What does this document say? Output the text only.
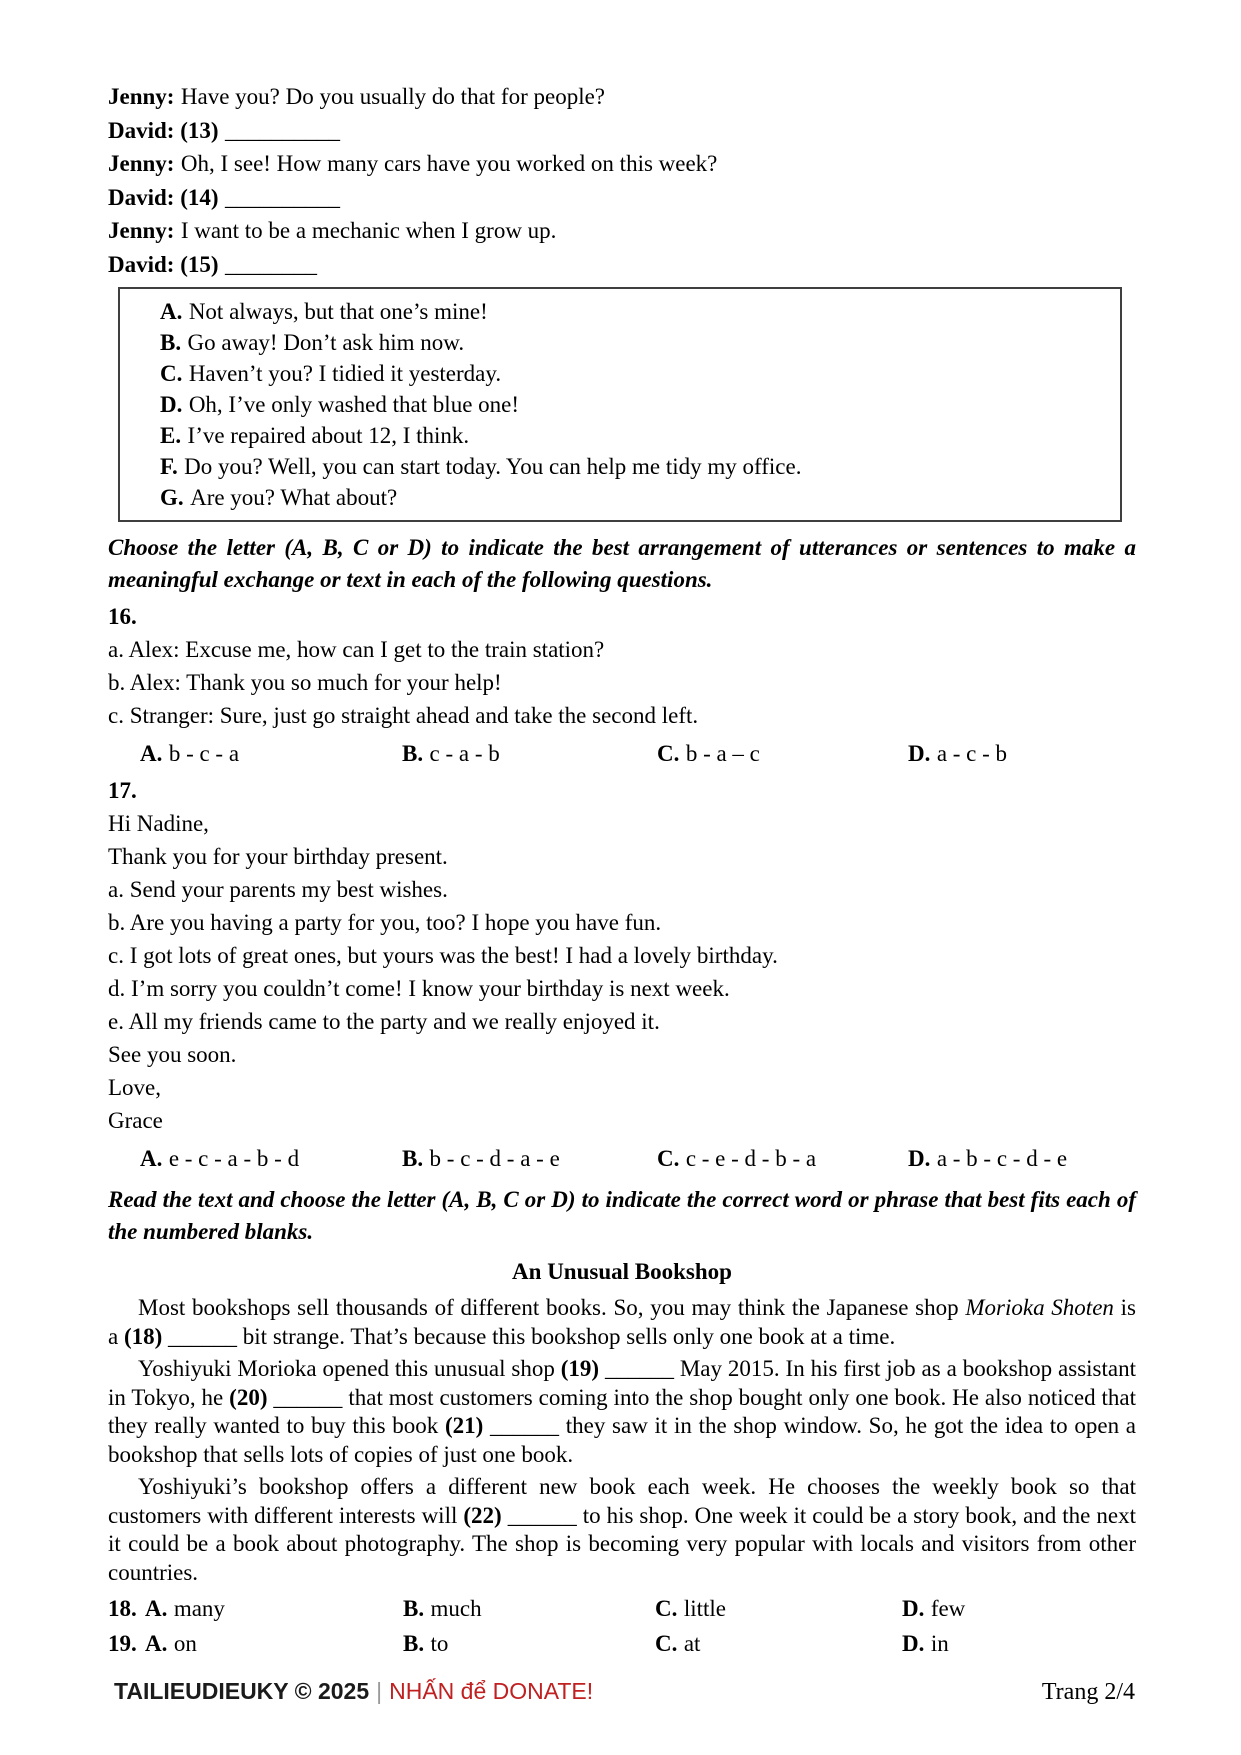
Jenny: Have you? Do you usually do that for people?

David: (13) __________

Jenny: Oh, I see! How many cars have you worked on this week?

David: (14) __________

Jenny: I want to be a mechanic when I grow up.

David: (15) ________

A. Not always, but that one’s mine!

B. Go away! Don’t ask him now.

C. Haven’t you? I tidied it yesterday.

D. Oh, I’ve only washed that blue one!

E. I’ve repaired about 12, I think.

F. Do you? Well, you can start today. You can help me tidy my office.

G. Are you? What about?

Choose the letter (A, B, C or D) to indicate the best arrangement of utterances or sentences to make a meaningful exchange or text in each of the following questions.

16.

a. Alex: Excuse me, how can I get to the train station?

b. Alex: Thank you so much for your help!

c. Stranger: Sure, just go straight ahead and take the second left.

A. b - c - a	B. c - a - b	C. b - a – c	D. a - c - b

17.

Hi Nadine,

Thank you for your birthday present.

a. Send your parents my best wishes.

b. Are you having a party for you, too? I hope you have fun.

c. I got lots of great ones, but yours was the best! I had a lovely birthday.

d. I’m sorry you couldn’t come! I know your birthday is next week.

e. All my friends came to the party and we really enjoyed it.

See you soon.

Love,

Grace

A. e - c - a - b - d	B. b - c - d - a - e	C. c - e - d - b - a	D. a - b - c - d - e

Read the text and choose the letter (A, B, C or D) to indicate the correct word or phrase that best fits each of the numbered blanks.

An Unusual Bookshop

Most bookshops sell thousands of different books. So, you may think the Japanese shop Morioka Shoten is a (18) ______ bit strange. That’s because this bookshop sells only one book at a time.

Yoshiyuki Morioka opened this unusual shop (19) ______ May 2015. In his first job as a bookshop assistant in Tokyo, he (20) ______ that most customers coming into the shop bought only one book. He also noticed that they really wanted to buy this book (21) ______ they saw it in the shop window. So, he got the idea to open a bookshop that sells lots of copies of just one book.

Yoshiyuki’s bookshop offers a different new book each week. He chooses the weekly book so that customers with different interests will (22) ______ to his shop. One week it could be a story book, and the next it could be a book about photography. The shop is becoming very popular with locals and visitors from other countries.

18. A. many	B. much	C. little	D. few
19. A. on	B. to	C. at	D. in
TAILIEUDIEUKY © 2025 | NHẤN để DONATE!	Trang 2/4
